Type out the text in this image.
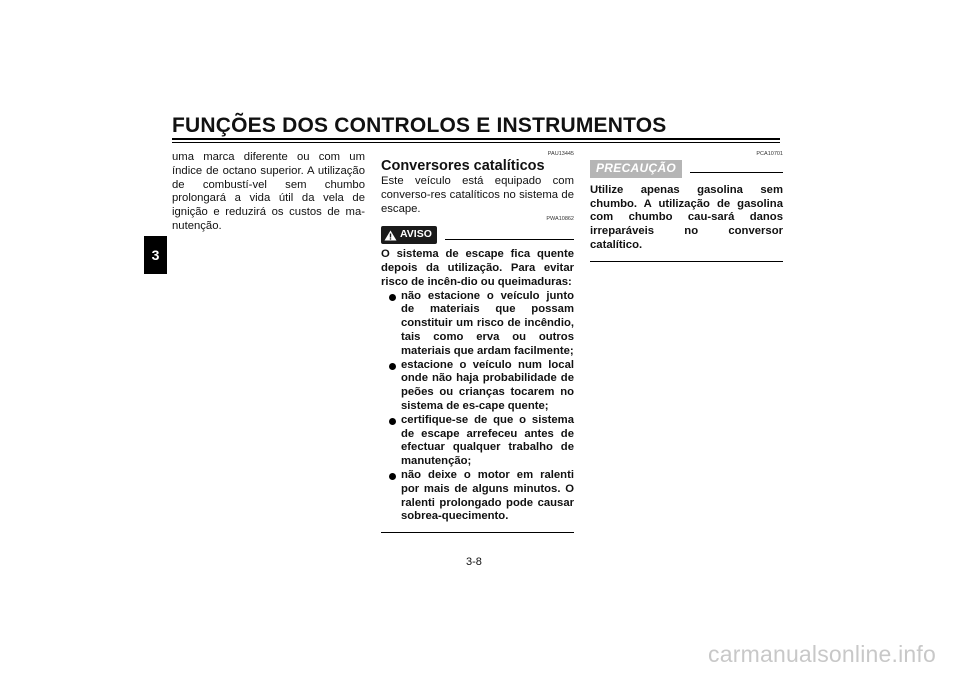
FUNÇÕES DOS CONTROLOS E INSTRUMENTOS
3

uma marca diferente ou com um índice de octano superior. A utilização de combustí-vel sem chumbo prolongará a vida útil da vela de ignição e reduzirá os custos de ma-nutenção.

PAU13445
Conversores catalíticos

Este veículo está equipado com converso-res catalíticos no sistema de escape.

PWA10862
AVISO

O sistema de escape fica quente depois da utilização. Para evitar risco de incên-dio ou queimaduras:

não estacione o veículo junto de materiais que possam constituir um risco de incêndio, tais como erva ou outros materiais que ardam facilmente;
estacione o veículo num local onde não haja probabilidade de peões ou crianças tocarem no sistema de es-cape quente;
certifique-se de que o sistema de escape arrefeceu antes de efectuar qualquer trabalho de manutenção;
não deixe o motor em ralenti por mais de alguns minutos. O ralenti prolongado pode causar sobrea-quecimento.
PCA10701
PRECAUÇÃO

Utilize apenas gasolina sem chumbo. A utilização de gasolina com chumbo cau-sará danos irreparáveis no conversor catalítico.

3-8
carmanualsonline.info
